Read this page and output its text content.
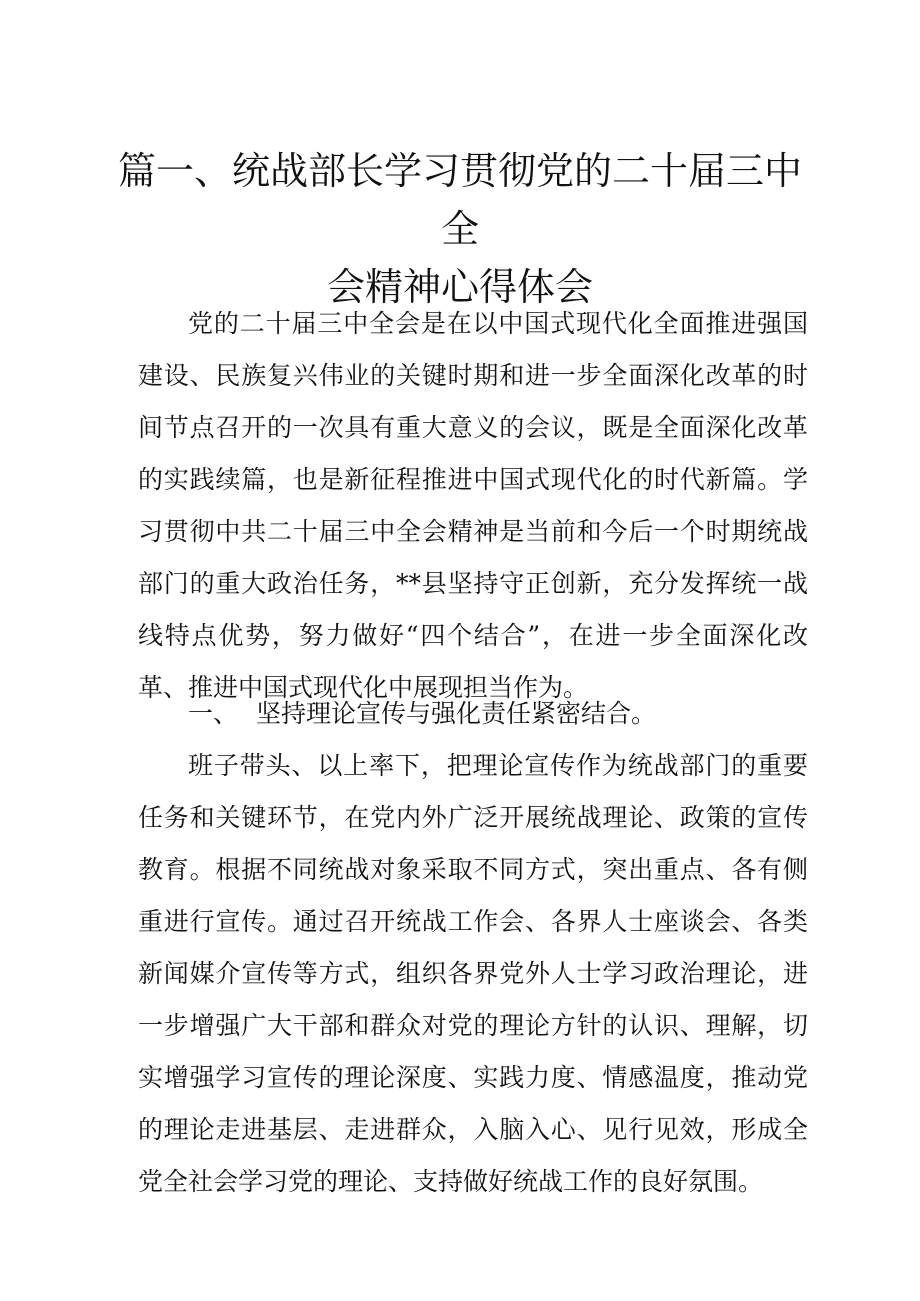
篇一、统战部长学习贯彻党的二十届三中全
会精神心得体会

党的二十届三中全会是在以中国式现代化全面推进强国建设、民族复兴伟业的关键时期和进一步全面深化改革的时间节点召开的一次具有重大意义的会议，既是全面深化改革的实践续篇，也是新征程推进中国式现代化的时代新篇。学习贯彻中共二十届三中全会精神是当前和今后一个时期统战部门的重大政治任务，**县坚持守正创新，充分发挥统一战线特点优势，努力做好“四个结合”，在进一步全面深化改革、推进中国式现代化中展现担当作为。

一、 坚持理论宣传与强化责任紧密结合。

班子带头、以上率下，把理论宣传作为统战部门的重要任务和关键环节，在党内外广泛开展统战理论、政策的宣传教育。根据不同统战对象采取不同方式，突出重点、各有侧重进行宣传。通过召开统战工作会、各界人士座谈会、各类新闻媒介宣传等方式，组织各界党外人士学习政治理论，进一步增强广大干部和群众对党的理论方针的认识、理解，切实增强学习宣传的理论深度、实践力度、情感温度，推动党的理论走进基层、走进群众，入脑入心、见行见效，形成全党全社会学习党的理论、支持做好统战工作的良好氛围。
